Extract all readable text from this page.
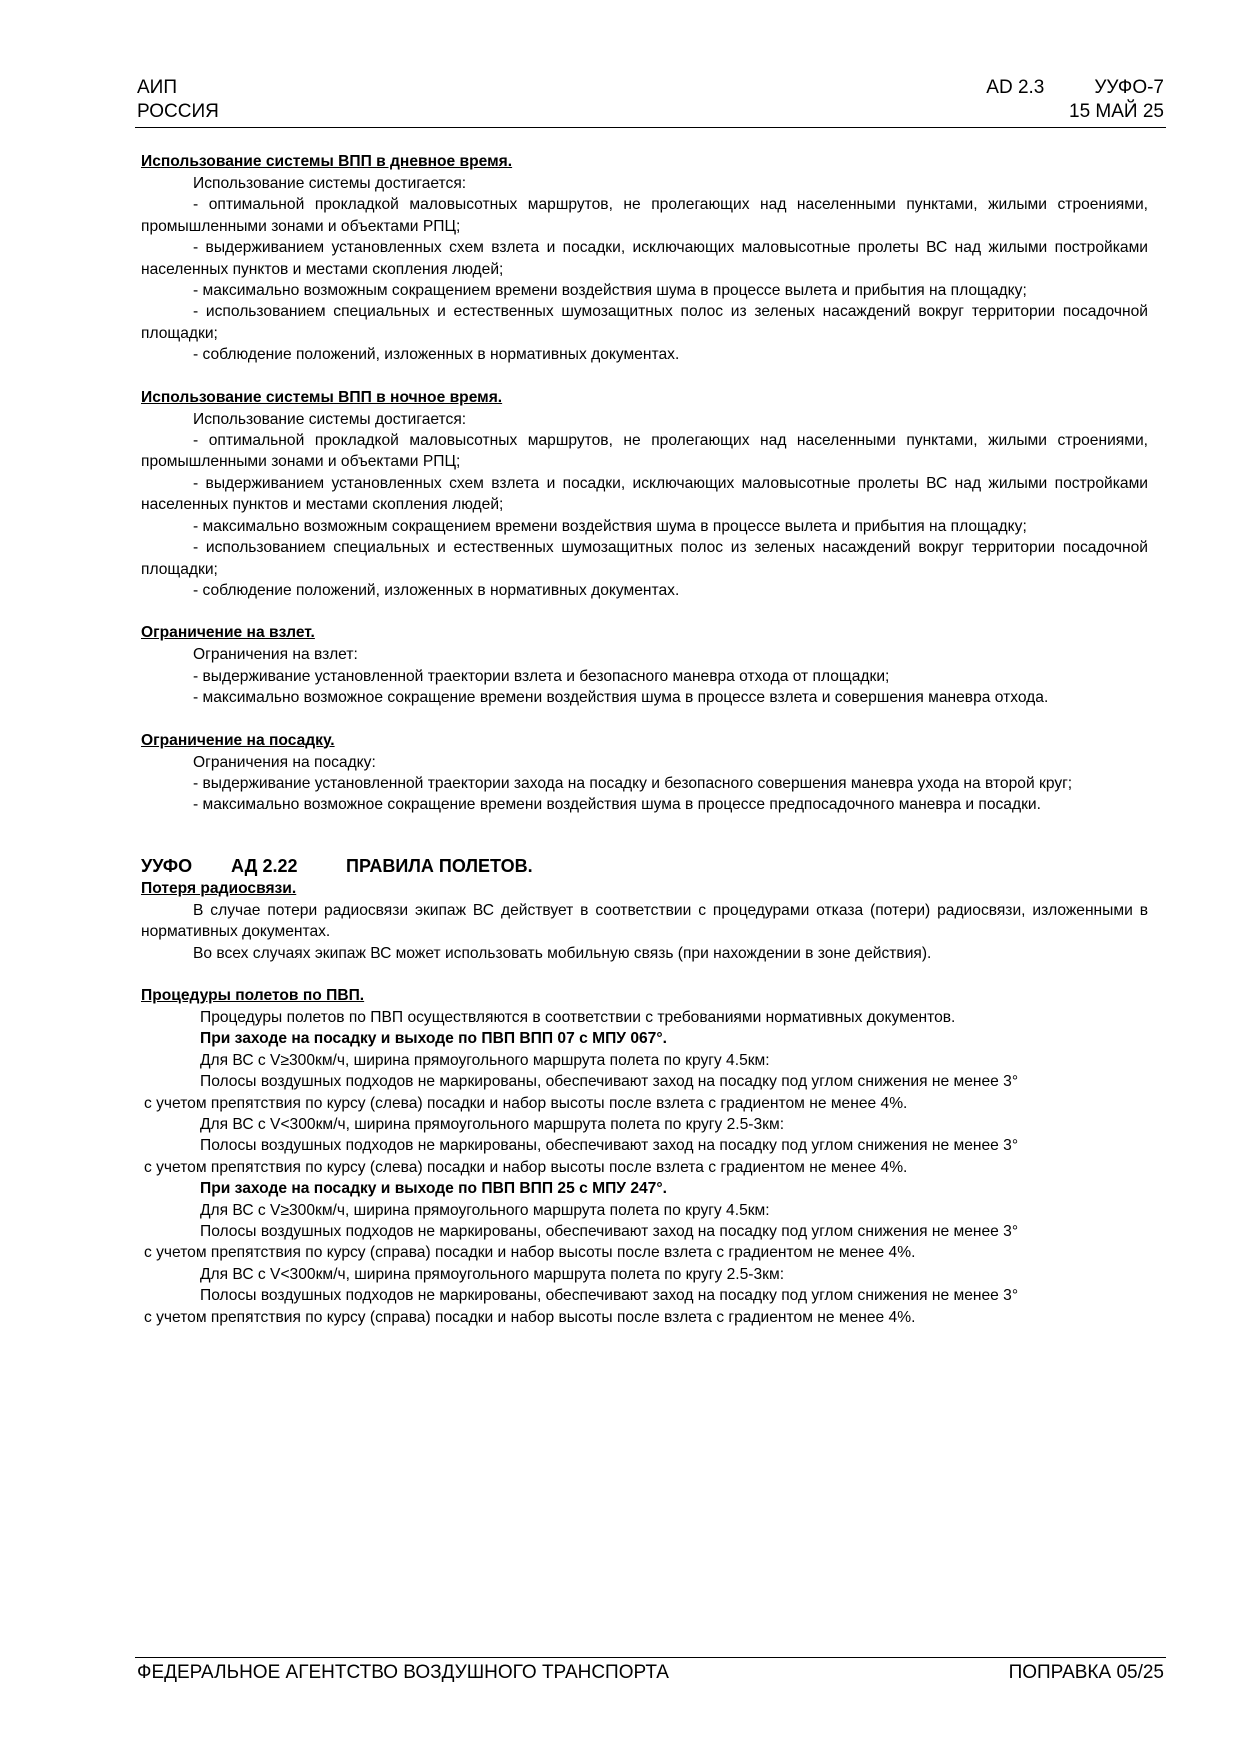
АИП	AD 2.3	УУФО-7
РОССИЯ	15 МАЙ 25

Использование системы ВПП в дневное время.

Использование системы достигается:

- оптимальной прокладкой маловысотных маршрутов, не пролегающих над населенными пунктами, жилыми строениями, промышленными зонами и объектами РПЦ;

- выдерживанием установленных схем взлета и посадки, исключающих маловысотные пролеты ВС над жилыми постройками населенных пунктов и местами скопления людей;

- максимально возможным сокращением времени воздействия шума в процессе вылета и прибытия на площадку;

- использованием специальных и естественных шумозащитных полос из зеленых насаждений вокруг территории посадочной площадки;

- соблюдение положений, изложенных в нормативных документах.

Использование системы ВПП в ночное время.

Использование системы достигается:

- оптимальной прокладкой маловысотных маршрутов, не пролегающих над населенными пунктами, жилыми строениями, промышленными зонами и объектами РПЦ;

- выдерживанием установленных схем взлета и посадки, исключающих маловысотные пролеты ВС над жилыми постройками населенных пунктов и местами скопления людей;

- максимально возможным сокращением времени воздействия шума в процессе вылета и прибытия на площадку;

- использованием специальных и естественных шумозащитных полос из зеленых насаждений вокруг территории посадочной площадки;

- соблюдение положений, изложенных в нормативных документах.

Ограничение на взлет.

Ограничения на взлет:

- выдерживание установленной траектории взлета и безопасного маневра отхода от площадки;

- максимально возможное сокращение времени воздействия шума в процессе взлета и совершения маневра отхода.

Ограничение на посадку.

Ограничения на посадку:

- выдерживание установленной траектории захода на посадку и безопасного совершения маневра ухода на второй круг;

- максимально возможное сокращение времени воздействия шума в процессе предпосадочного маневра и посадки.

УУФО АД 2.22	ПРАВИЛА ПОЛЕТОВ.

Потеря радиосвязи.

В случае потери радиосвязи экипаж ВС действует в соответствии с процедурами отказа (потери) радиосвязи, изложенными в нормативных документах.

Во всех случаях экипаж ВС может использовать мобильную связь (при нахождении в зоне действия).

Процедуры полетов по ПВП.

Процедуры полетов по ПВП осуществляются в соответствии с требованиями нормативных документов.

При заходе на посадку и выходе по ПВП ВПП 07 с МПУ 067°.

Для ВС с V≥300км/ч, ширина прямоугольного маршрута полета по кругу 4.5км:

Полосы воздушных подходов не маркированы, обеспечивают заход на посадку под углом снижения не менее 3°

с учетом препятствия по курсу (слева) посадки и набор высоты после взлета с градиентом не менее 4%.

Для ВС с V<300км/ч, ширина прямоугольного маршрута полета по кругу 2.5-3км:

Полосы воздушных подходов не маркированы, обеспечивают заход на посадку под углом снижения не менее 3°

с учетом препятствия по курсу (слева) посадки и набор высоты после взлета с градиентом не менее 4%.

При заходе на посадку и выходе по ПВП ВПП 25 с МПУ 247°.

Для ВС с V≥300км/ч, ширина прямоугольного маршрута полета по кругу 4.5км:

Полосы воздушных подходов не маркированы, обеспечивают заход на посадку под углом снижения не менее 3°

с учетом препятствия по курсу (справа) посадки и набор высоты после взлета с градиентом не менее 4%.

Для ВС с V<300км/ч, ширина прямоугольного маршрута полета по кругу 2.5-3км:

Полосы воздушных подходов не маркированы, обеспечивают заход на посадку под углом снижения не менее 3°

с учетом препятствия по курсу (справа) посадки и набор высоты после взлета с градиентом не менее 4%.

ФЕДЕРАЛЬНОЕ АГЕНТСТВО ВОЗДУШНОГО ТРАНСПОРТА	ПОПРАВКА 05/25
